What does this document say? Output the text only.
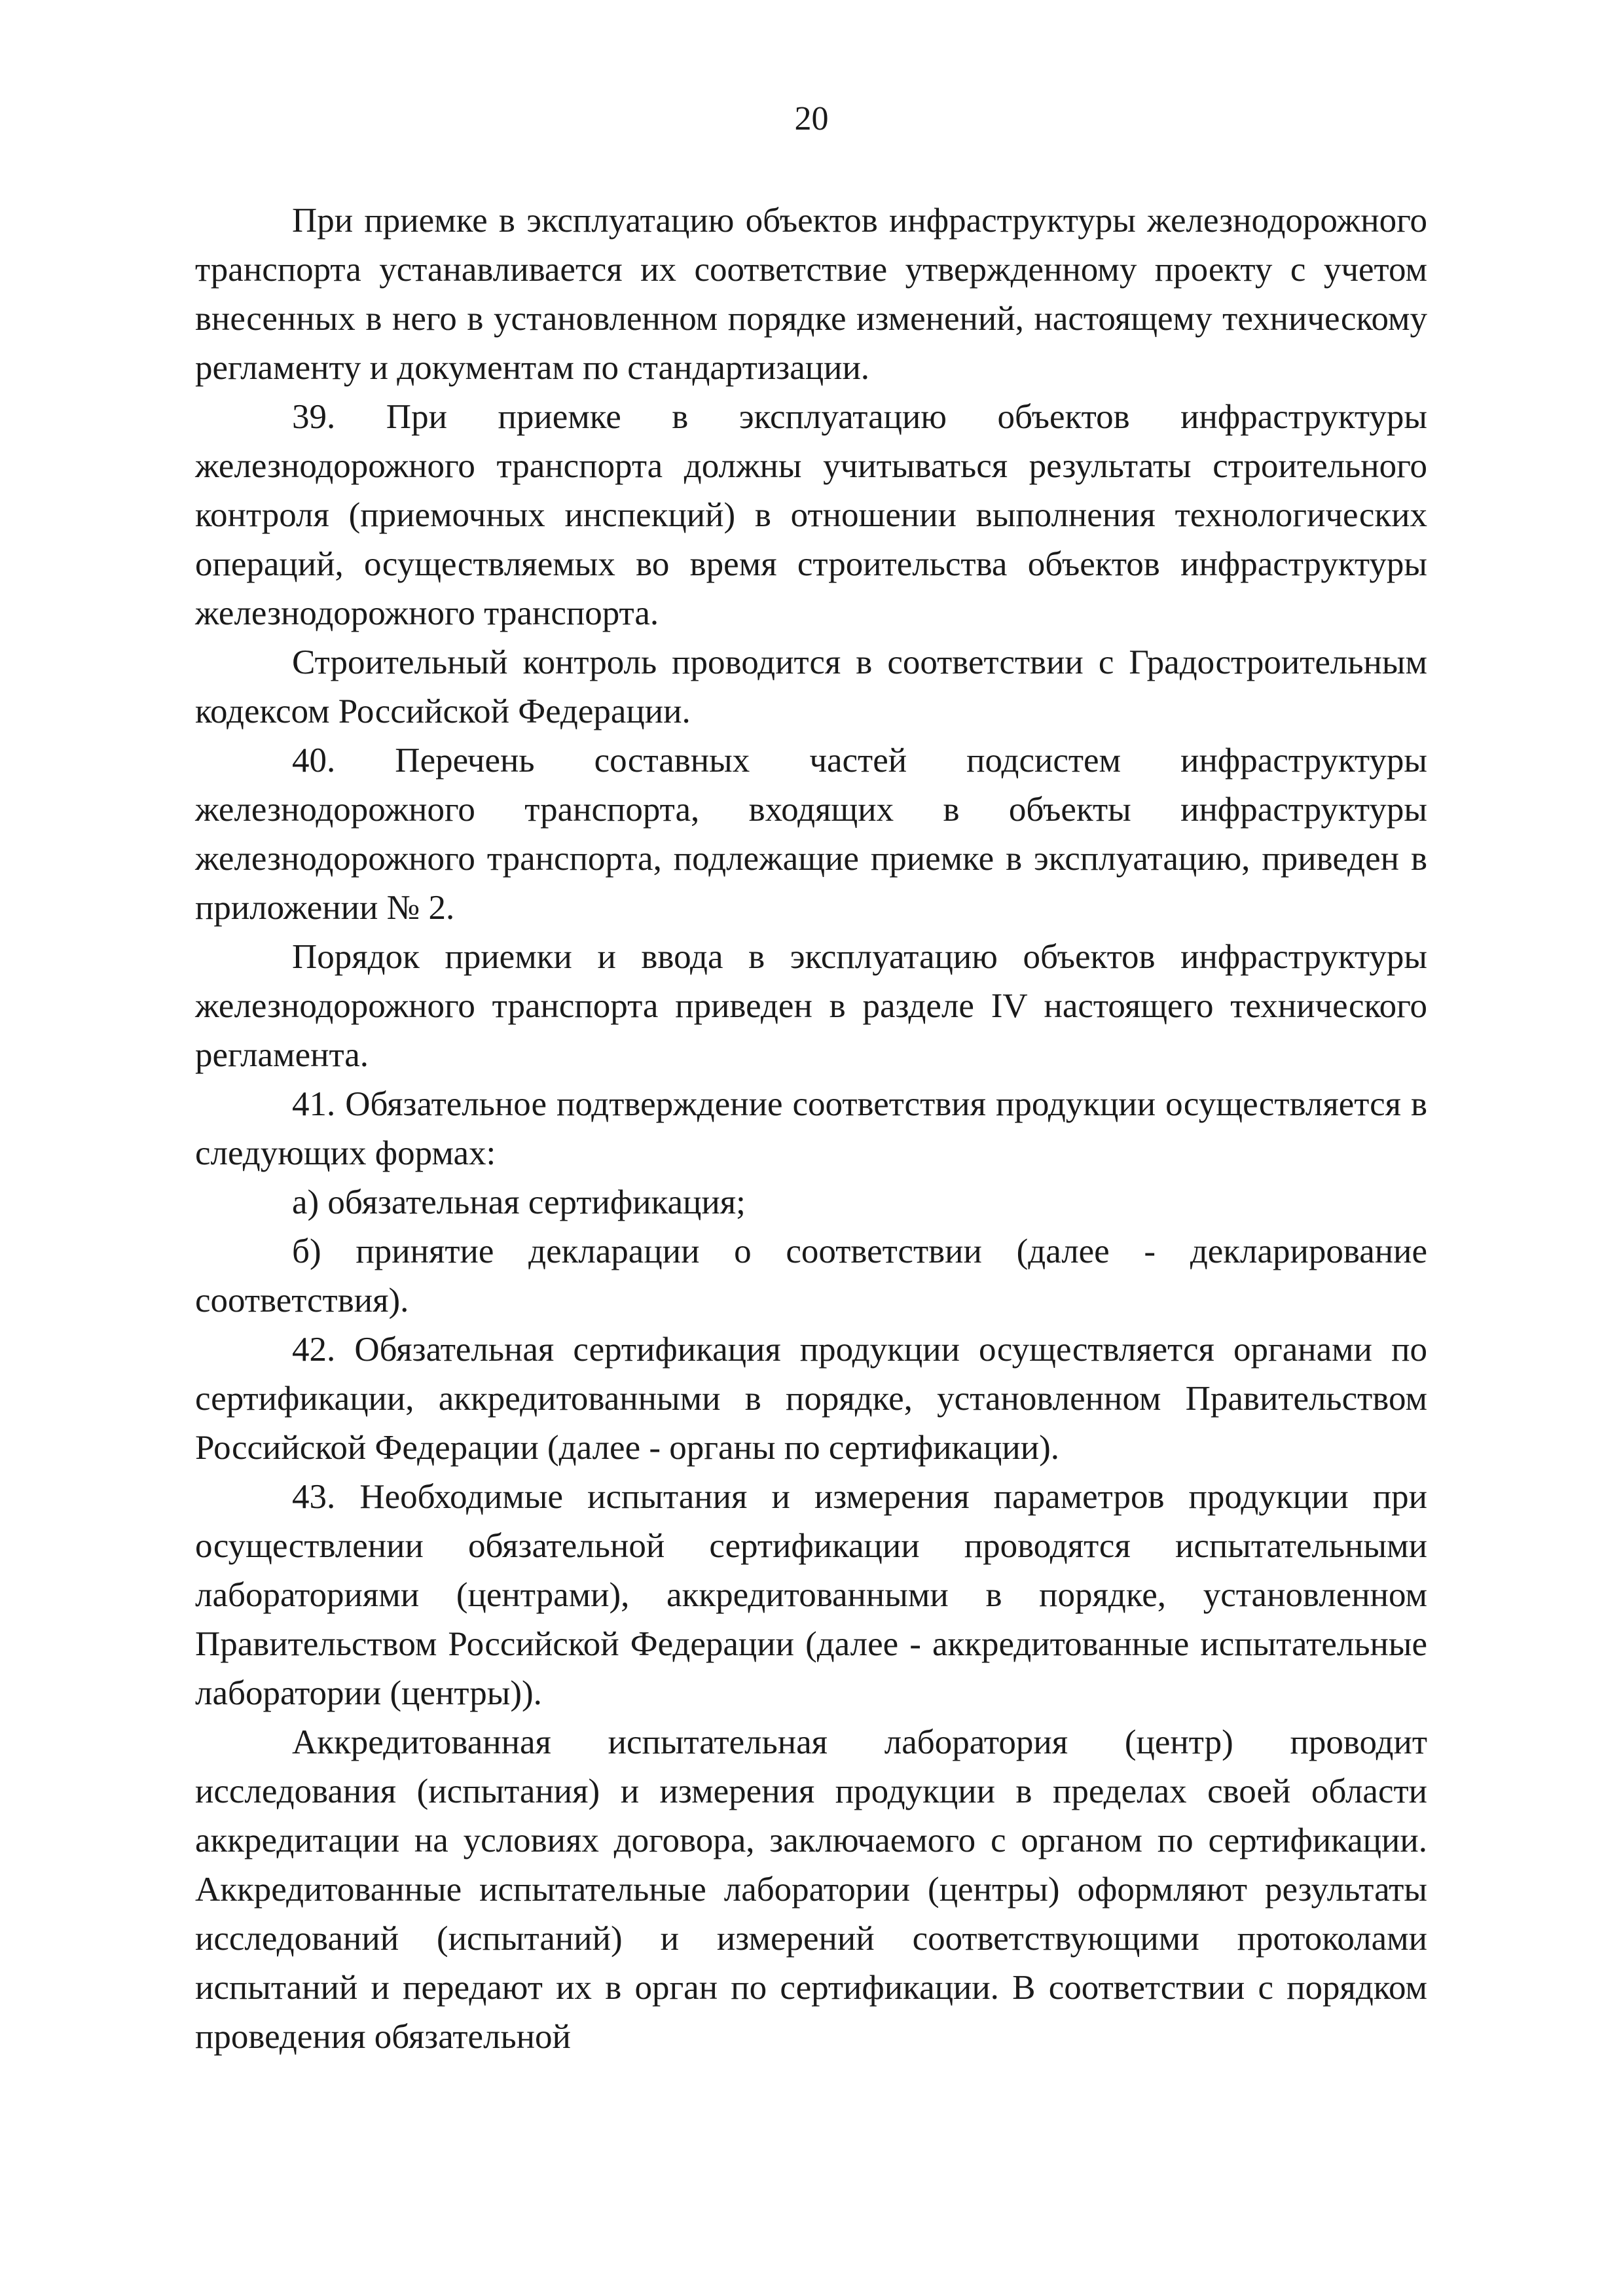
20

При приемке в эксплуатацию объектов инфраструктуры железнодорожного транспорта устанавливается их соответствие утвержденному проекту с учетом внесенных в него в установленном порядке изменений, настоящему техническому регламенту и документам по стандартизации.

39. При приемке в эксплуатацию объектов инфраструктуры железнодорожного транспорта должны учитываться результаты строительного контроля (приемочных инспекций) в отношении выполнения технологических операций, осуществляемых во время строительства объектов инфраструктуры железнодорожного транспорта.

Строительный контроль проводится в соответствии с Градостроительным кодексом Российской Федерации.

40. Перечень составных частей подсистем инфраструктуры железнодорожного транспорта, входящих в объекты инфраструктуры железнодорожного транспорта, подлежащие приемке в эксплуатацию, приведен в приложении № 2.

Порядок приемки и ввода в эксплуатацию объектов инфраструктуры железнодорожного транспорта приведен в разделе IV настоящего технического регламента.

41. Обязательное подтверждение соответствия продукции осуществляется в следующих формах:

а) обязательная сертификация;

б) принятие декларации о соответствии (далее - декларирование соответствия).

42. Обязательная сертификация продукции осуществляется органами по сертификации, аккредитованными в порядке, установленном Правительством Российской Федерации (далее - органы по сертификации).

43. Необходимые испытания и измерения параметров продукции при осуществлении обязательной сертификации проводятся испытательными лабораториями (центрами), аккредитованными в порядке, установленном Правительством Российской Федерации (далее - аккредитованные испытательные лаборатории (центры)).

Аккредитованная испытательная лаборатория (центр) проводит исследования (испытания) и измерения продукции в пределах своей области аккредитации на условиях договора, заключаемого с органом по сертификации. Аккредитованные испытательные лаборатории (центры) оформляют результаты исследований (испытаний) и измерений соответствующими протоколами испытаний и передают их в орган по сертификации. В соответствии с порядком проведения обязательной
